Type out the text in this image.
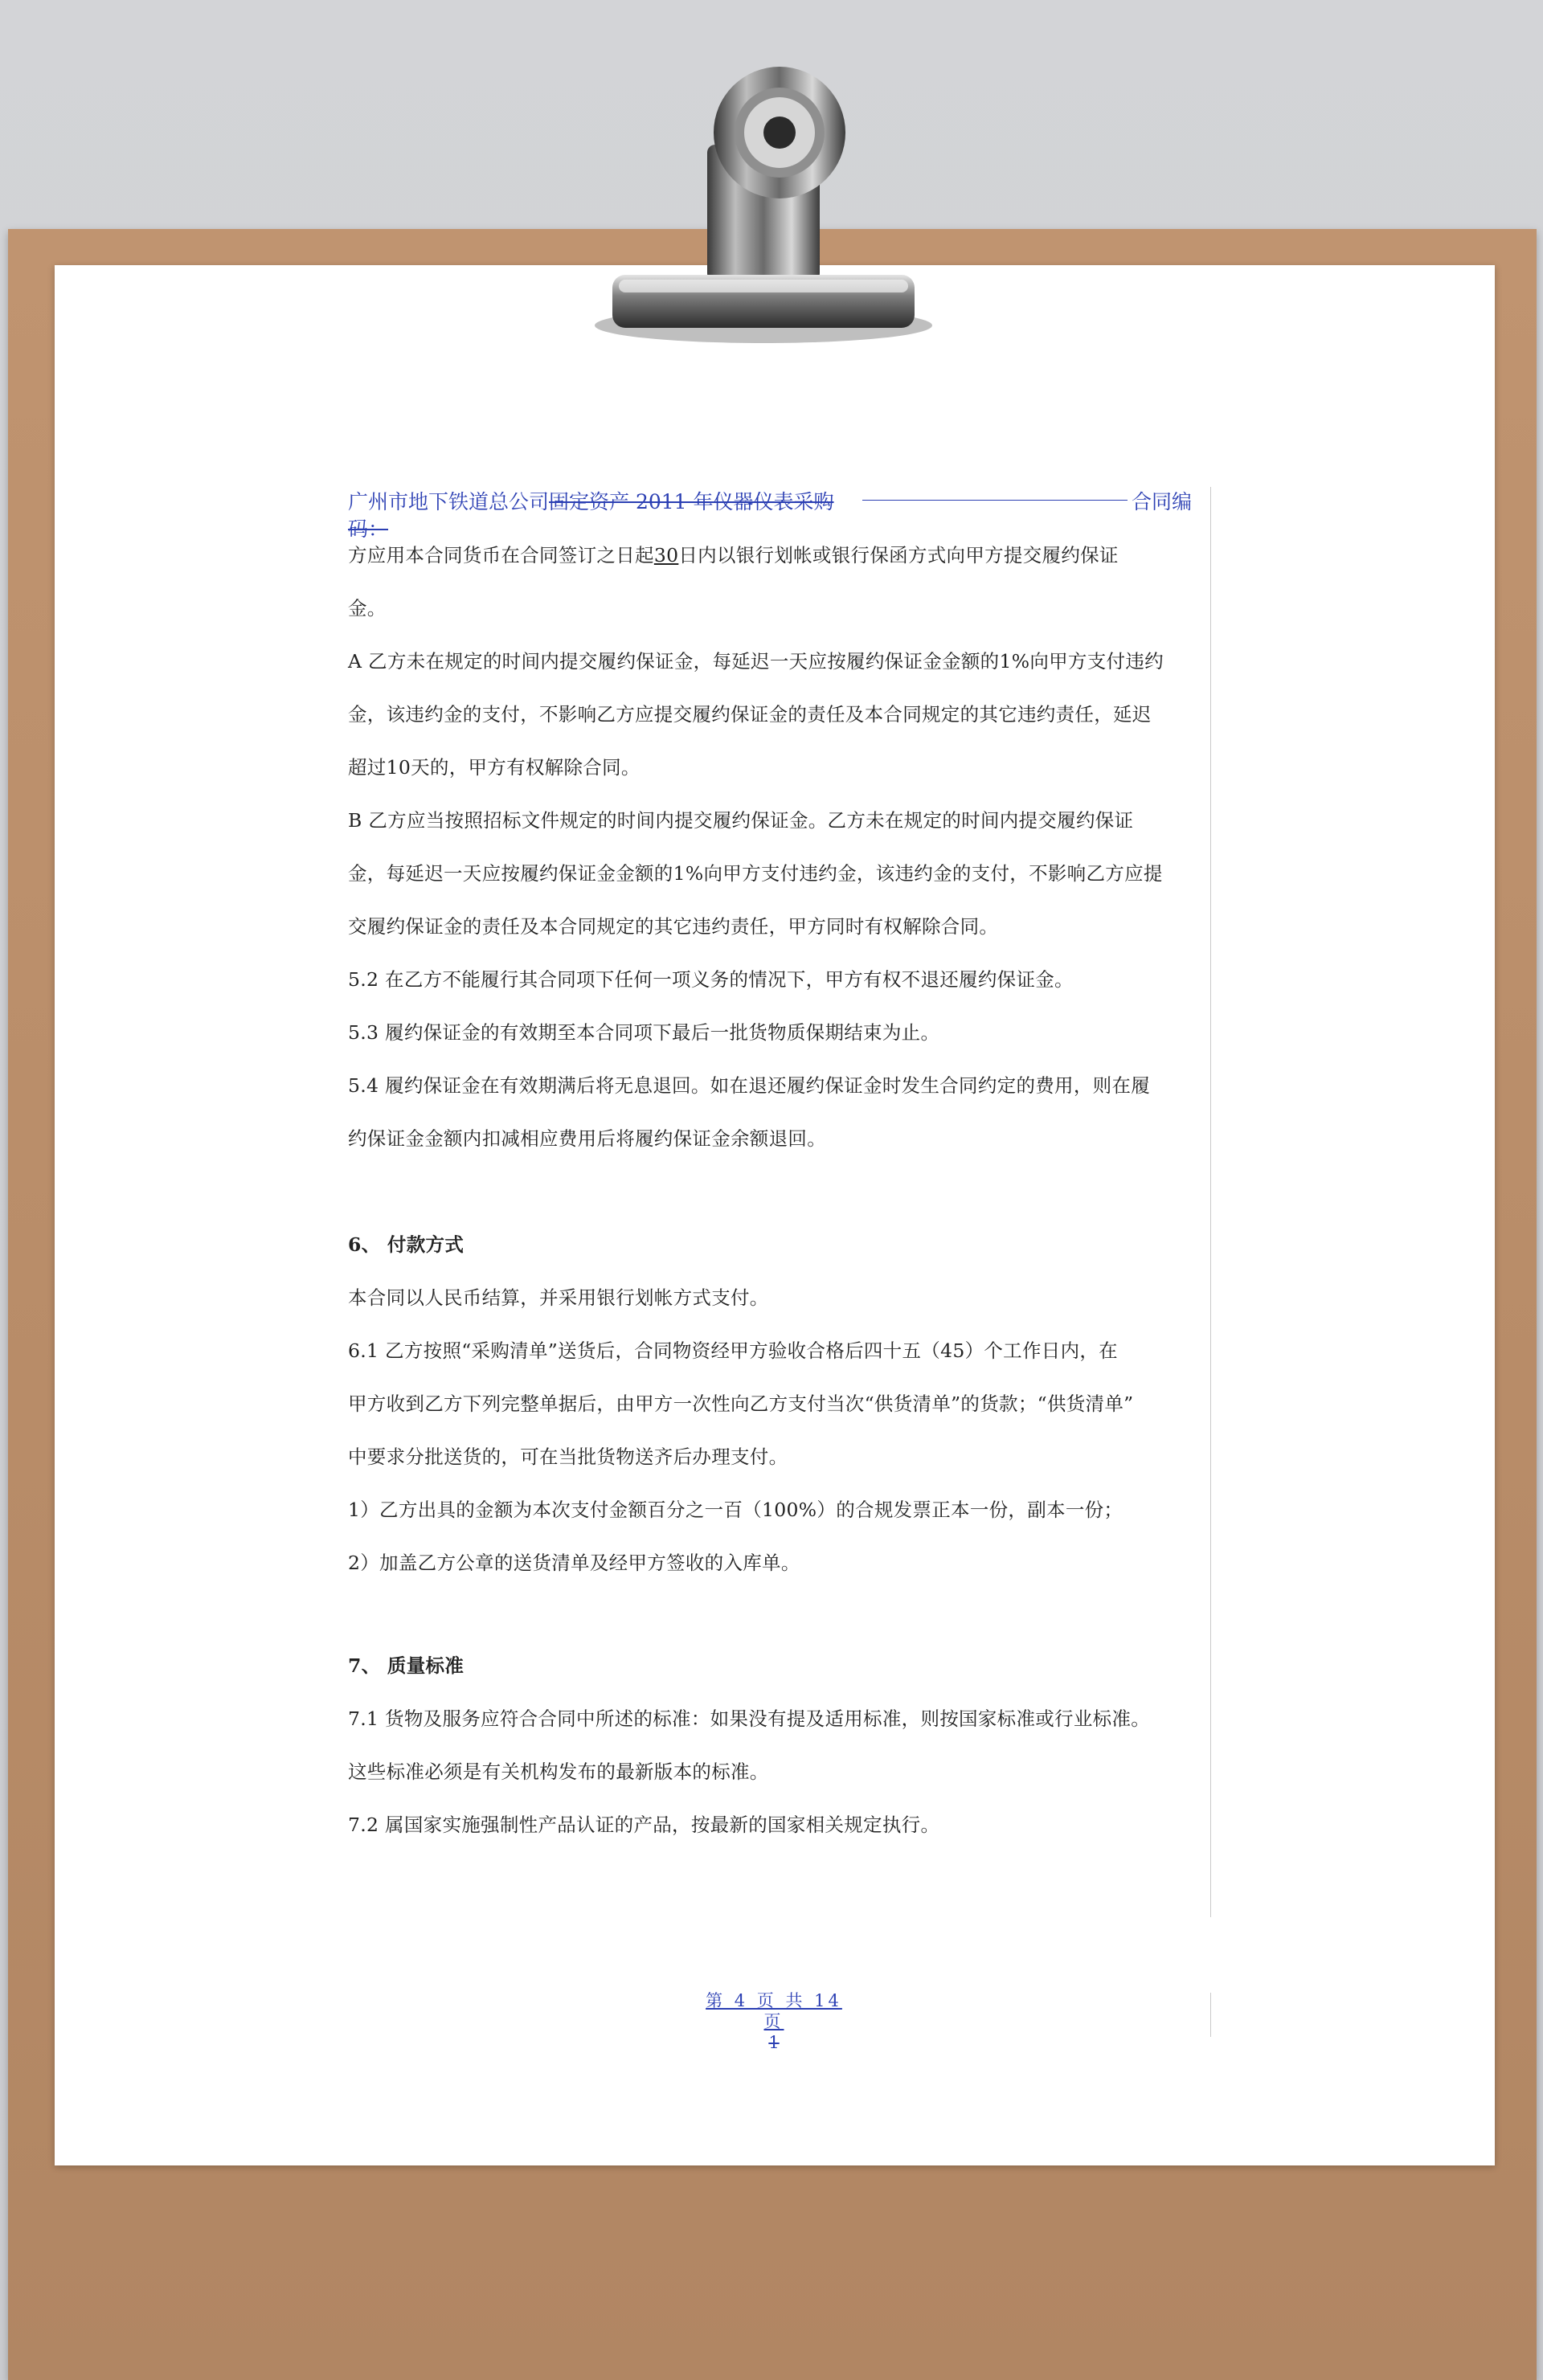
广州市地下铁道总公司固定资产 2011 年仪器仪表采购	合同编
码：
方应用本合同货币在合同签订之日起30日内以银行划帐或银行保函方式向甲方提交履约保证
金。
A 乙方未在规定的时间内提交履约保证金，每延迟一天应按履约保证金金额的1%向甲方支付违约
金，该违约金的支付，不影响乙方应提交履约保证金的责任及本合同规定的其它违约责任，延迟
超过10天的，甲方有权解除合同。
B 乙方应当按照招标文件规定的时间内提交履约保证金。乙方未在规定的时间内提交履约保证
金，每延迟一天应按履约保证金金额的1%向甲方支付违约金，该违约金的支付，不影响乙方应提
交履约保证金的责任及本合同规定的其它违约责任，甲方同时有权解除合同。
5.2 在乙方不能履行其合同项下任何一项义务的情况下，甲方有权不退还履约保证金。
5.3 履约保证金的有效期至本合同项下最后一批货物质保期结束为止。
5.4 履约保证金在有效期满后将无息退回。如在退还履约保证金时发生合同约定的费用，则在履
约保证金金额内扣减相应费用后将履约保证金余额退回。
6、 付款方式
本合同以人民币结算，并采用银行划帐方式支付。
6.1 乙方按照“采购清单”送货后，合同物资经甲方验收合格后四十五（45）个工作日内，在
甲方收到乙方下列完整单据后，由甲方一次性向乙方支付当次“供货清单”的货款；“供货清单”
中要求分批送货的，可在当批货物送齐后办理支付。
1）乙方出具的金额为本次支付金额百分之一百（100%）的合规发票正本一份，副本一份；
2）加盖乙方公章的送货清单及经甲方签收的入库单。
7、 质量标准
7.1 货物及服务应符合合同中所述的标准：如果没有提及适用标准，则按国家标准或行业标准。
这些标准必须是有关机构发布的最新版本的标准。
7.2 属国家实施强制性产品认证的产品，按最新的国家相关规定执行。
第 4 页 共 14 页
1
